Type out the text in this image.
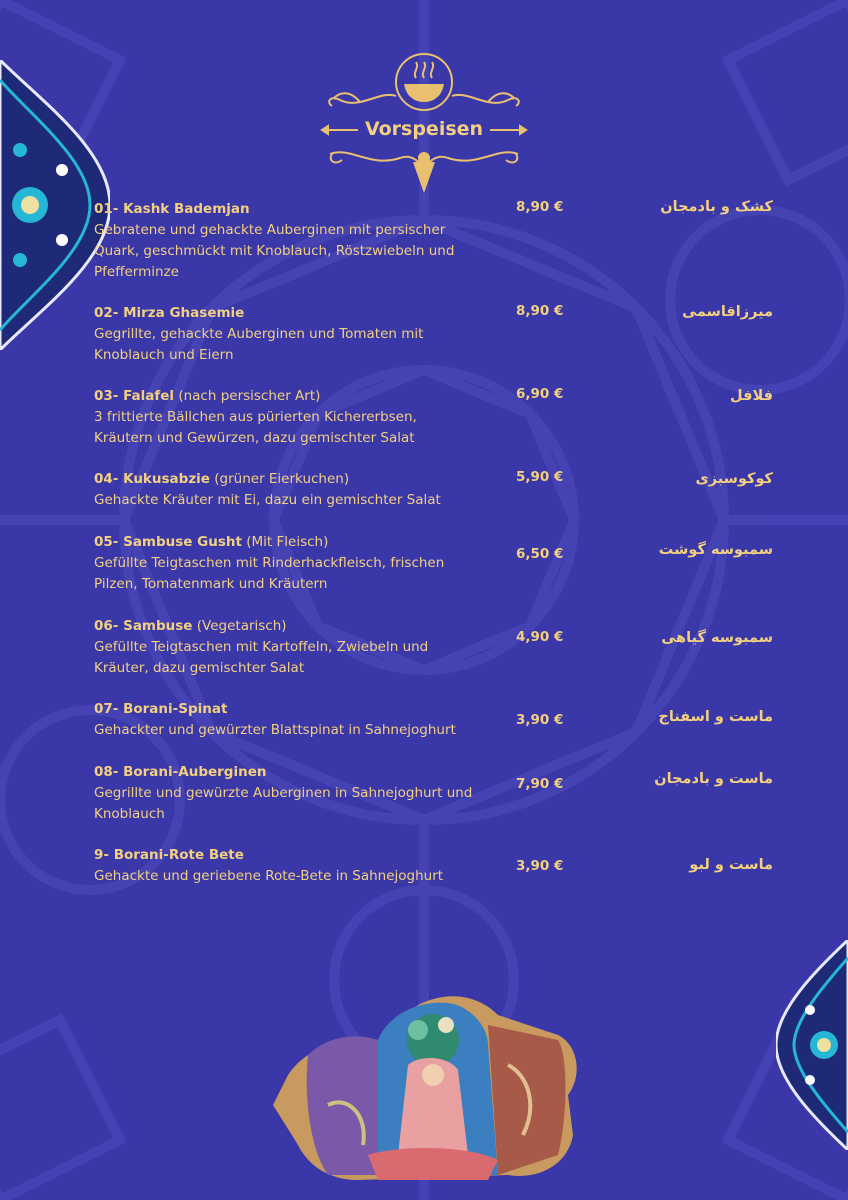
Vorspeisen
01- Kashk Bademjan
Gebratene und gehackte Auberginen mit persischer
Quark, geschmückt mit Knoblauch, Röstzwiebeln und
Pfefferminze
8,90 €	کشک و بادمجان
02- Mirza Ghasemie
Gegrillte, gehackte Auberginen und Tomaten mit
Knoblauch und Eiern
8,90 €	میرزاقاسمی
03- Falafel (nach persischer Art)
3 frittierte Bällchen aus pürierten Kichererbsen,
Kräutern und Gewürzen, dazu gemischter Salat
6,90 €	فلافل
04- Kukusabzie (grüner Eierkuchen)
Gehackte Kräuter mit Ei, dazu ein gemischter Salat
5,90 €	کوکوسبزی
05- Sambuse Gusht (Mit Fleisch)
Gefüllte Teigtaschen mit Rinderhackfleisch, frischen
Pilzen, Tomatenmark und Kräutern
6,50 €	سمبوسه گوشت
06- Sambuse (Vegetarisch)
Gefüllte Teigtaschen mit Kartoffeln, Zwiebeln und
Kräuter, dazu gemischter Salat
4,90 €	سمبوسه گیاهی
07- Borani-Spinat
Gehackter und gewürzter Blattspinat in Sahnejoghurt
3,90 €	ماست و اسفناج
08- Borani-Auberginen
Gegrillte und gewürzte Auberginen in Sahnejoghurt und
Knoblauch
7,90 €	ماست و بادمجان
9- Borani-Rote Bete
Gehackte und geriebene Rote-Bete in Sahnejoghurt
3,90 €	ماست و لبو
